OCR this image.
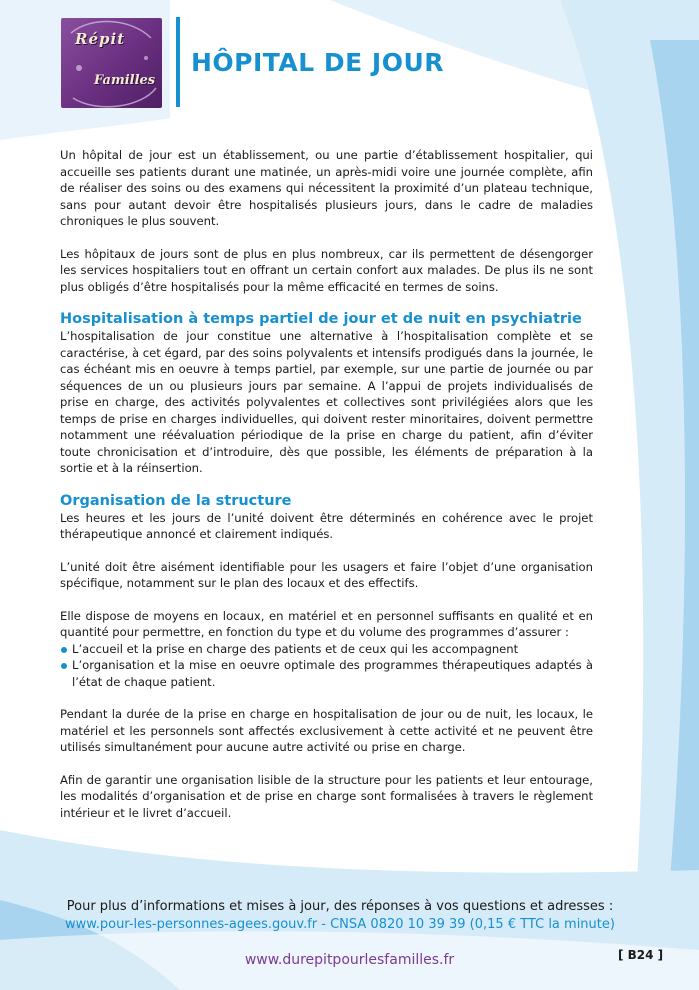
Répit
Familles
HÔPITAL DE JOUR

Un hôpital de jour est un établissement, ou une partie d’établissement hospitalier, qui accueille ses patients durant une matinée, un après-midi voire une journée complète, afin de réaliser des soins ou des examens qui nécessitent la proximité d’un plateau technique, sans pour autant devoir être hospitalisés plusieurs jours, dans le cadre de maladies chroniques le plus souvent.

Les hôpitaux de jours sont de plus en plus nombreux, car ils permettent de désengorger les services hospitaliers tout en offrant un certain confort aux malades. De plus ils ne sont plus obligés d’être hospitalisés pour la même efficacité en termes de soins.

Hospitalisation à temps partiel de jour et de nuit en psychiatrie

L’hospitalisation de jour constitue une alternative à l’hospitalisation complète et se caractérise, à cet égard, par des soins polyvalents et intensifs prodigués dans la journée, le cas échéant mis en oeuvre à temps partiel, par exemple, sur une partie de journée ou par séquences de un ou plusieurs jours par semaine. A l’appui de projets individualisés de prise en charge, des activités polyvalentes et collectives sont privilégiées alors que les temps de prise en charges individuelles, qui doivent rester minoritaires, doivent permettre notamment une réévaluation périodique de la prise en charge du patient, afin d’éviter toute chronicisation et d’introduire, dès que possible, les éléments de préparation à la sortie et à la réinsertion.

Organisation de la structure

Les heures et les jours de l’unité doivent être déterminés en cohérence avec le projet thérapeutique annoncé et clairement indiqués.

L’unité doit être aisément identifiable pour les usagers et faire l’objet d’une organisation spécifique, notamment sur le plan des locaux et des effectifs.

Elle dispose de moyens en locaux, en matériel et en personnel suffisants en qualité et en quantité pour permettre, en fonction du type et du volume des programmes d’assurer :

L’accueil et la prise en charge des patients et de ceux qui les accompagnent
L’organisation et la mise en oeuvre optimale des programmes thérapeutiques adaptés à l’état de chaque patient.

Pendant la durée de la prise en charge en hospitalisation de jour ou de nuit, les locaux, le matériel et les personnels sont affectés exclusivement à cette activité et ne peuvent être utilisés simultanément pour aucune autre activité ou prise en charge.

Afin de garantir une organisation lisible de la structure pour les patients et leur entourage, les modalités d’organisation et de prise en charge sont formalisées à travers le règlement intérieur et le livret d’accueil.

Pour plus d’informations et mises à jour, des réponses à vos questions et adresses :
www.pour-les-personnes-agees.gouv.fr - CNSA 0820 10 39 39 (0,15 € TTC la minute)
[ B24 ]
www.durepitpourlesfamilles.fr
